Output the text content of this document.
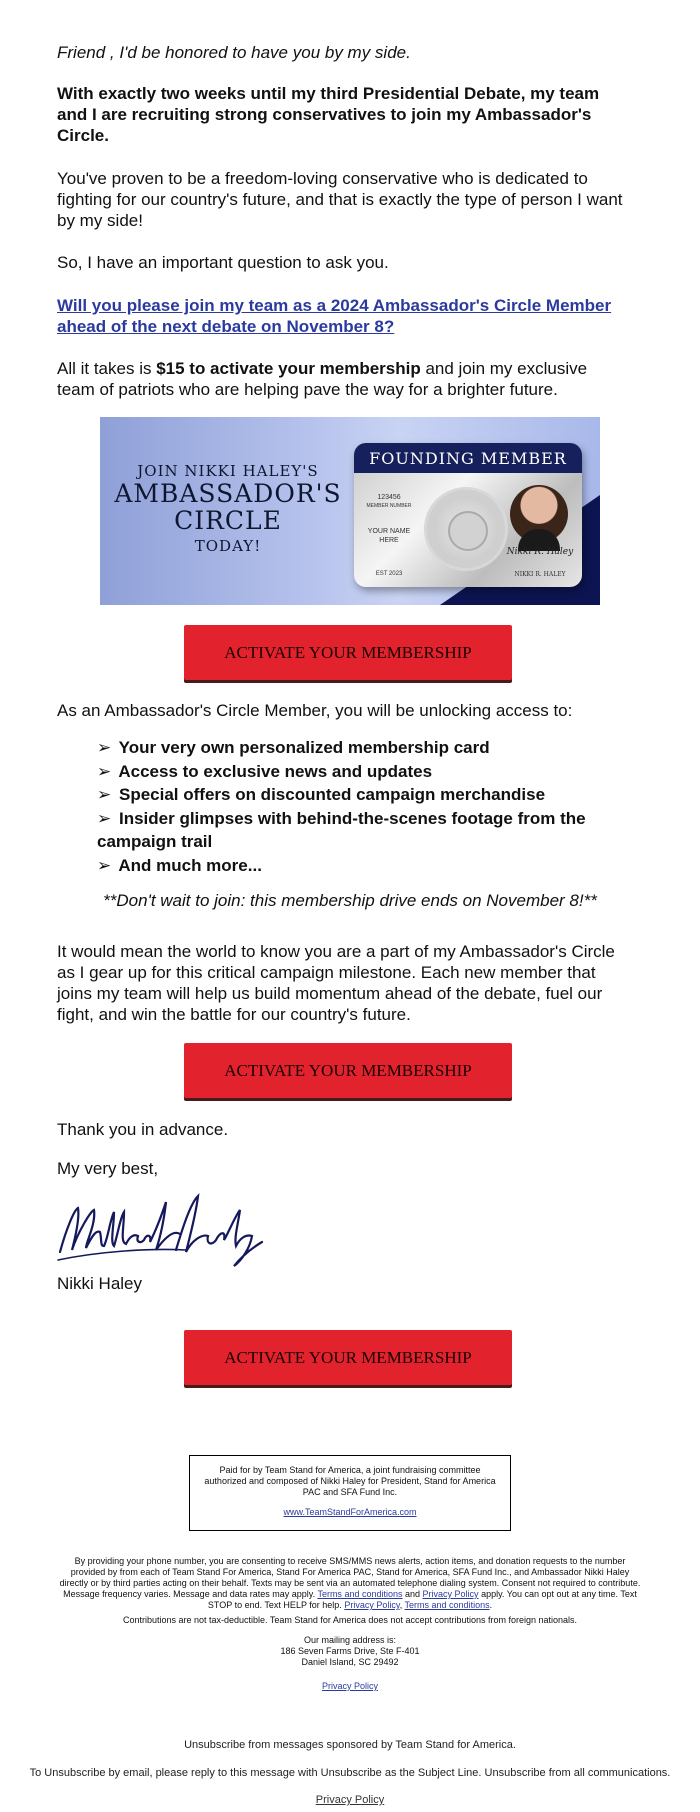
Friend , I'd be honored to have you by my side.

With exactly two weeks until my third Presidential Debate, my team and I are recruiting strong conservatives to join my Ambassador's Circle.

You've proven to be a freedom-loving conservative who is dedicated to fighting for our country's future, and that is exactly the type of person I want by my side!

So, I have an important question to ask you.

Will you please join my team as a 2024 Ambassador's Circle Member ahead of the next debate on November 8?

All it takes is $15 to activate your membership and join my exclusive team of patriots who are helping pave the way for a brighter future.

JOIN NIKKI HALEY'S
AMBASSADOR'S
CIRCLE
TODAY!
FOUNDING MEMBER
123456
MEMBER NUMBER
YOUR NAME HERE
EST 2023
Nikki R. Haley
NIKKI R. HALEY
ACTIVATE YOUR MEMBERSHIP

As an Ambassador's Circle Member, you will be unlocking access to:

➢ Your very own personalized membership card
➢ Access to exclusive news and updates
➢ Special offers on discounted campaign merchandise
➢ Insider glimpses with behind-the-scenes footage from the campaign trail
➢ And much more...

**Don't wait to join: this membership drive ends on November 8!**

It would mean the world to know you are a part of my Ambassador's Circle as I gear up for this critical campaign milestone. Each new member that joins my team will help us build momentum ahead of the debate, fuel our fight, and win the battle for our country's future.

ACTIVATE YOUR MEMBERSHIP

Thank you in advance.

My very best,

Nikki Haley

ACTIVATE YOUR MEMBERSHIP
Paid for by Team Stand for America, a joint fundraising committee authorized and composed of Nikki Haley for President, Stand for America PAC and SFA Fund Inc.
www.TeamStandForAmerica.com
By providing your phone number, you are consenting to receive SMS/MMS news alerts, action items, and donation requests to the number provided by from each of Team Stand For America, Stand For America PAC, Stand for America, SFA Fund Inc., and Ambassador Nikki Haley directly or by third parties acting on their behalf. Texts may be sent via an automated telephone dialing system. Consent not required to contribute. Message frequency varies. Message and data rates may apply. Terms and conditions and Privacy Policy apply. You can opt out at any time. Text STOP to end. Text HELP for help. Privacy Policy, Terms and conditions.
Contributions are not tax-deductible. Team Stand for America does not accept contributions from foreign nationals.
Our mailing address is:
186 Seven Farms Drive, Ste F-401
Daniel Island, SC 29492
Privacy Policy
Unsubscribe from messages sponsored by Team Stand for America.
To Unsubscribe by email, please reply to this message with Unsubscribe as the Subject Line. Unsubscribe from all communications.
Privacy Policy
